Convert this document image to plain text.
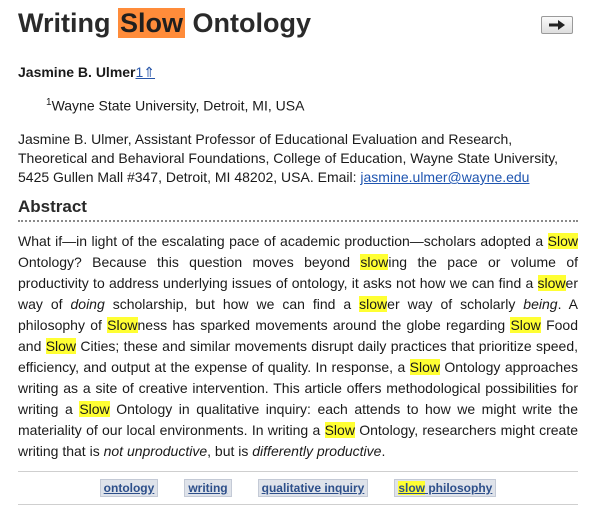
Writing Slow Ontology
Jasmine B. Ulmer1⇑
$^1$Wayne State University, Detroit, MI, USA
Jasmine B. Ulmer, Assistant Professor of Educational Evaluation and Research, Theoretical and Behavioral Foundations, College of Education, Wayne State University, 5425 Gullen Mall #347, Detroit, MI 48202, USA. Email: jasmine.ulmer@wayne.edu
Abstract

What if—in light of the escalating pace of academic production—scholars adopted a Slow Ontology? Because this question moves beyond slowing the pace or volume of productivity to address underlying issues of ontology, it asks not how we can find a slower way of doing scholarship, but how we can find a slower way of scholarly being. A philosophy of Slowness has sparked movements around the globe regarding Slow Food and Slow Cities; these and similar movements disrupt daily practices that prioritize speed, efficiency, and output at the expense of quality. In response, a Slow Ontology approaches writing as a site of creative intervention. This article offers methodological possibilities for writing a Slow Ontology in qualitative inquiry: each attends to how we might write the materiality of our local environments. In writing a Slow Ontology, researchers might create writing that is not unproductive, but is differently productive.

ontology	writing	qualitative inquiry	slow philosophy
